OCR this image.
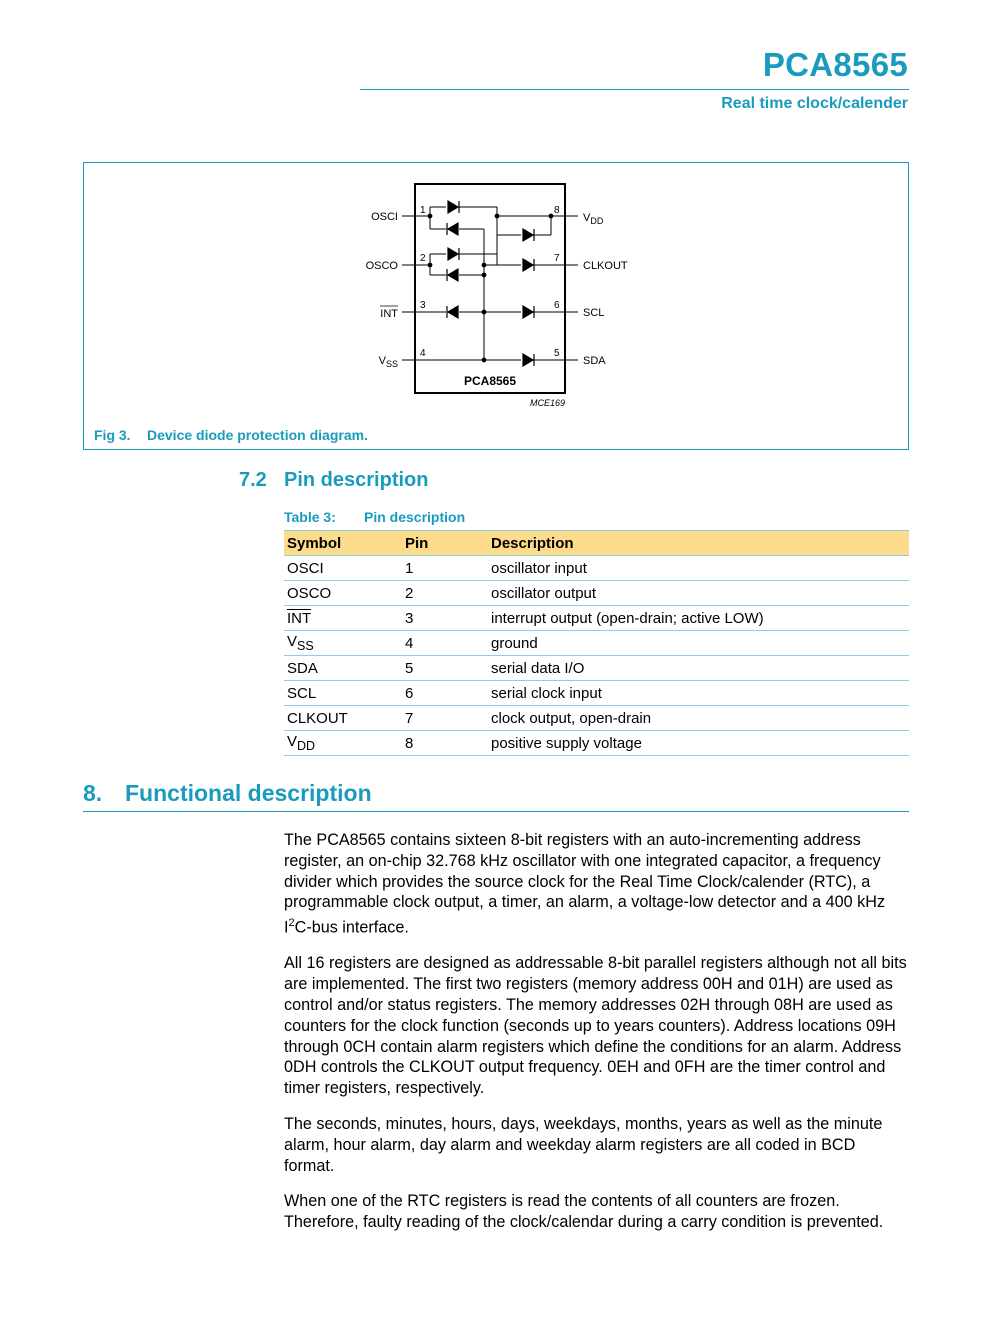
PCA8565
Real time clock/calender
1
2
3
4
8
7
6
5
OSCI
OSCO
INT
$V_{SS}$
$V_{DD}$
CLKOUT
SCL
SDA
PCA8565
MCE169
Fig 3. Device diode protection diagram.
7.2 Pin description
Table 3: Pin description
Symbol	Pin	Description
OSCI	1	oscillator input
OSCO	2	oscillator output
$\overline{INT}$	3	interrupt output (open-drain; active LOW)
$V_{SS}$	4	ground
SDA	5	serial data I/O
SCL	6	serial clock input
CLKOUT	7	clock output, open-drain
$V_{DD}$	8	positive supply voltage
8. Functional description

The PCA8565 contains sixteen 8-bit registers with an auto-incrementing address register, an on-chip 32.768 kHz oscillator with one integrated capacitor, a frequency divider which provides the source clock for the Real Time Clock/calender (RTC), a programmable clock output, a timer, an alarm, a voltage-low detector and a 400 kHz $I^2C$-bus interface.

All 16 registers are designed as addressable 8-bit parallel registers although not all bits are implemented. The first two registers (memory address 00H and 01H) are used as control and/or status registers. The memory addresses 02H through 08H are used as counters for the clock function (seconds up to years counters). Address locations 09H through 0CH contain alarm registers which define the conditions for an alarm. Address 0DH controls the CLKOUT output frequency. 0EH and 0FH are the timer control and timer registers, respectively.

The seconds, minutes, hours, days, weekdays, months, years as well as the minute alarm, hour alarm, day alarm and weekday alarm registers are all coded in BCD format.

When one of the RTC registers is read the contents of all counters are frozen. Therefore, faulty reading of the clock/calendar during a carry condition is prevented.
